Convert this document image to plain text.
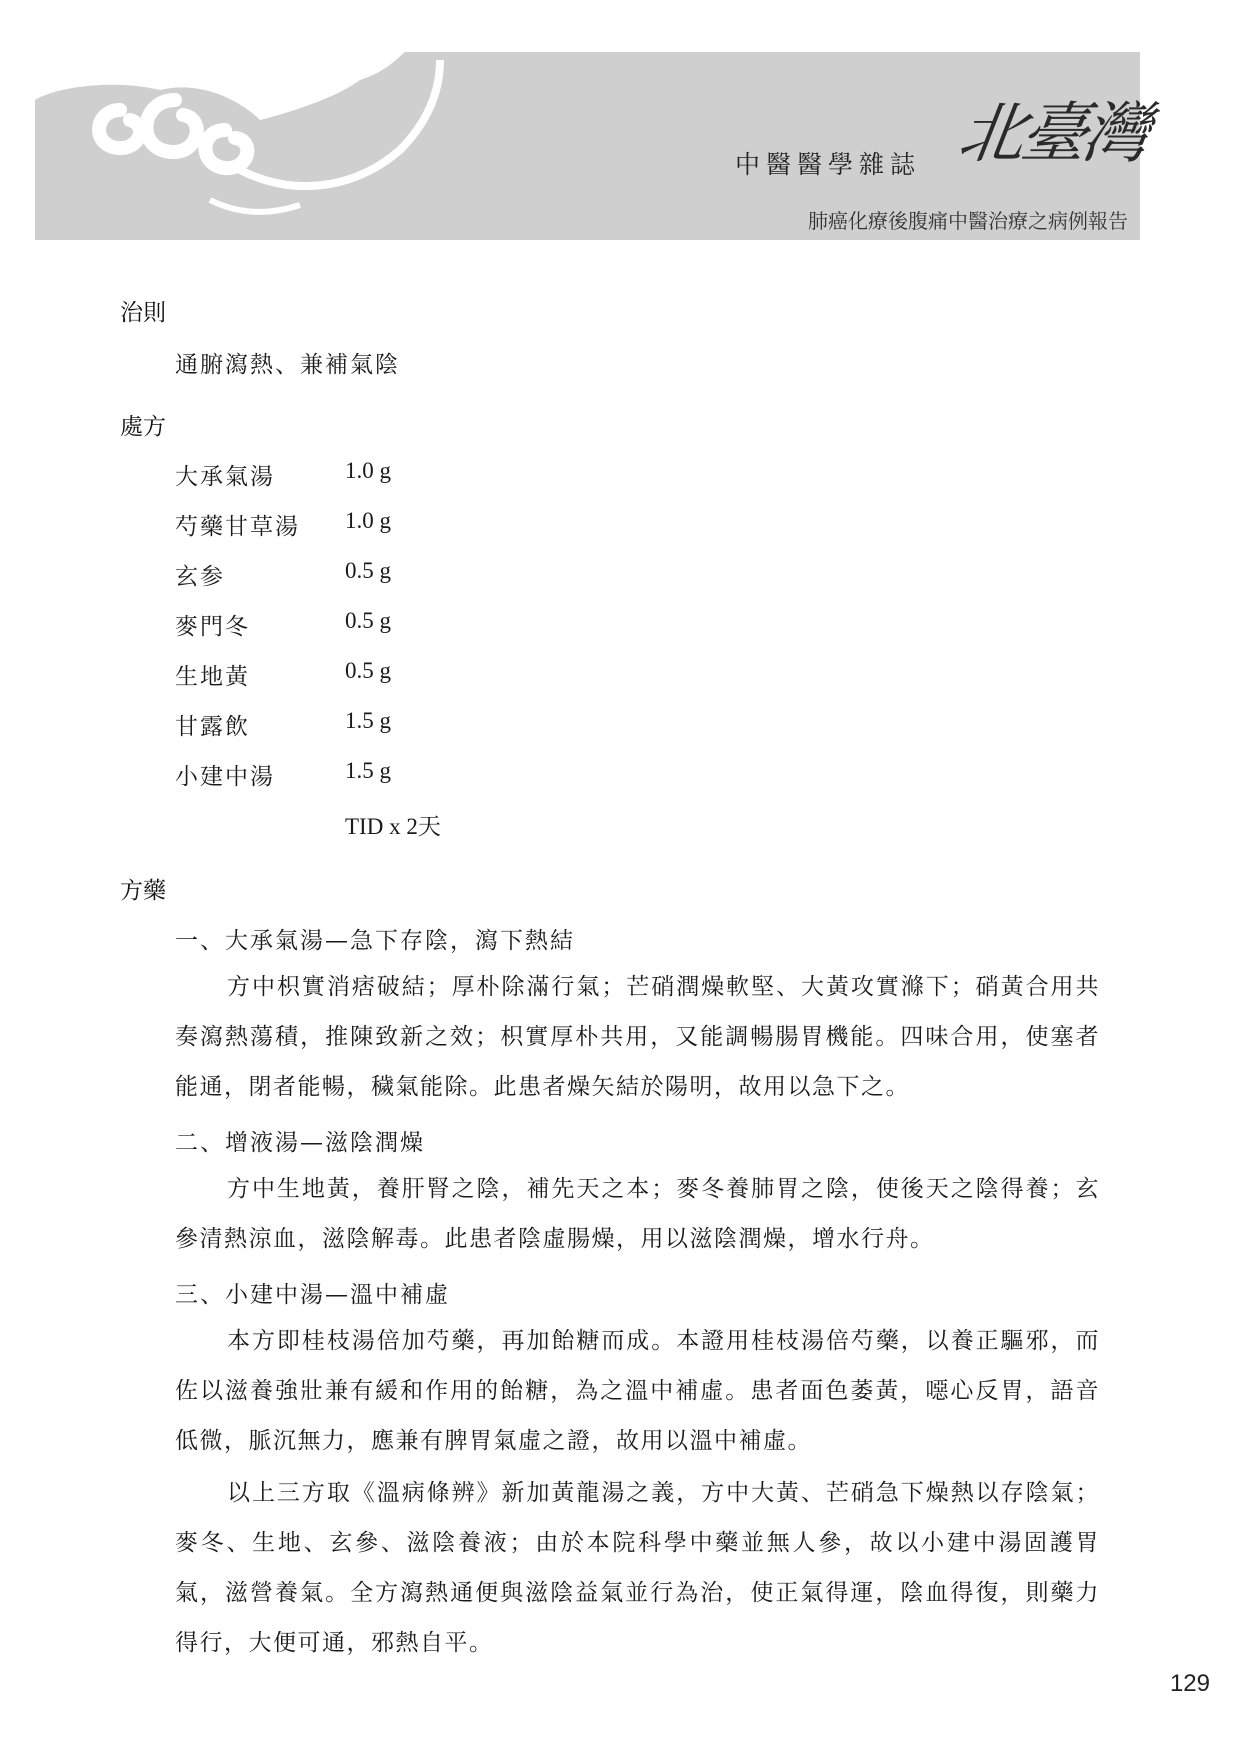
中醫醫學雜誌 北臺灣
肺癌化療後腹痛中醫治療之病例報告
治則
通腑瀉熱、兼補氣陰
處方
大承氣湯	1.0 g
芍藥甘草湯 1.0 g
玄参	0.5 g
麥門冬	0.5 g
生地黃	0.5 g
甘露飲	1.5 g
小建中湯	1.5 g
TID x 2天
方藥
一、大承氣湯—急下存陰，瀉下熱結

方中枳實消痞破結；厚朴除滿行氣；芒硝潤燥軟堅、大黃攻實滌下；硝黃合用共奏瀉熱蕩積，推陳致新之效；枳實厚朴共用，又能調暢腸胃機能。四味合用，使塞者能通，閉者能暢，穢氣能除。此患者燥矢結於陽明，故用以急下之。

二、增液湯—滋陰潤燥

方中生地黃，養肝腎之陰，補先天之本；麥冬養肺胃之陰，使後天之陰得養；玄參清熱涼血，滋陰解毒。此患者陰虛腸燥，用以滋陰潤燥，增水行舟。

三、小建中湯—溫中補虛

本方即桂枝湯倍加芍藥，再加飴糖而成。本證用桂枝湯倍芍藥，以養正驅邪，而佐以滋養強壯兼有緩和作用的飴糖，為之溫中補虛。患者面色萎黃，噁心反胃，語音低微，脈沉無力，應兼有脾胃氣虛之證，故用以溫中補虛。

以上三方取《溫病條辨》新加黃龍湯之義，方中大黃、芒硝急下燥熱以存陰氣；麥冬、生地、玄參、滋陰養液；由於本院科學中藥並無人參，故以小建中湯固護胃氣，滋營養氣。全方瀉熱通便與滋陰益氣並行為治，使正氣得運，陰血得復，則藥力得行，大便可通，邪熱自平。

129
